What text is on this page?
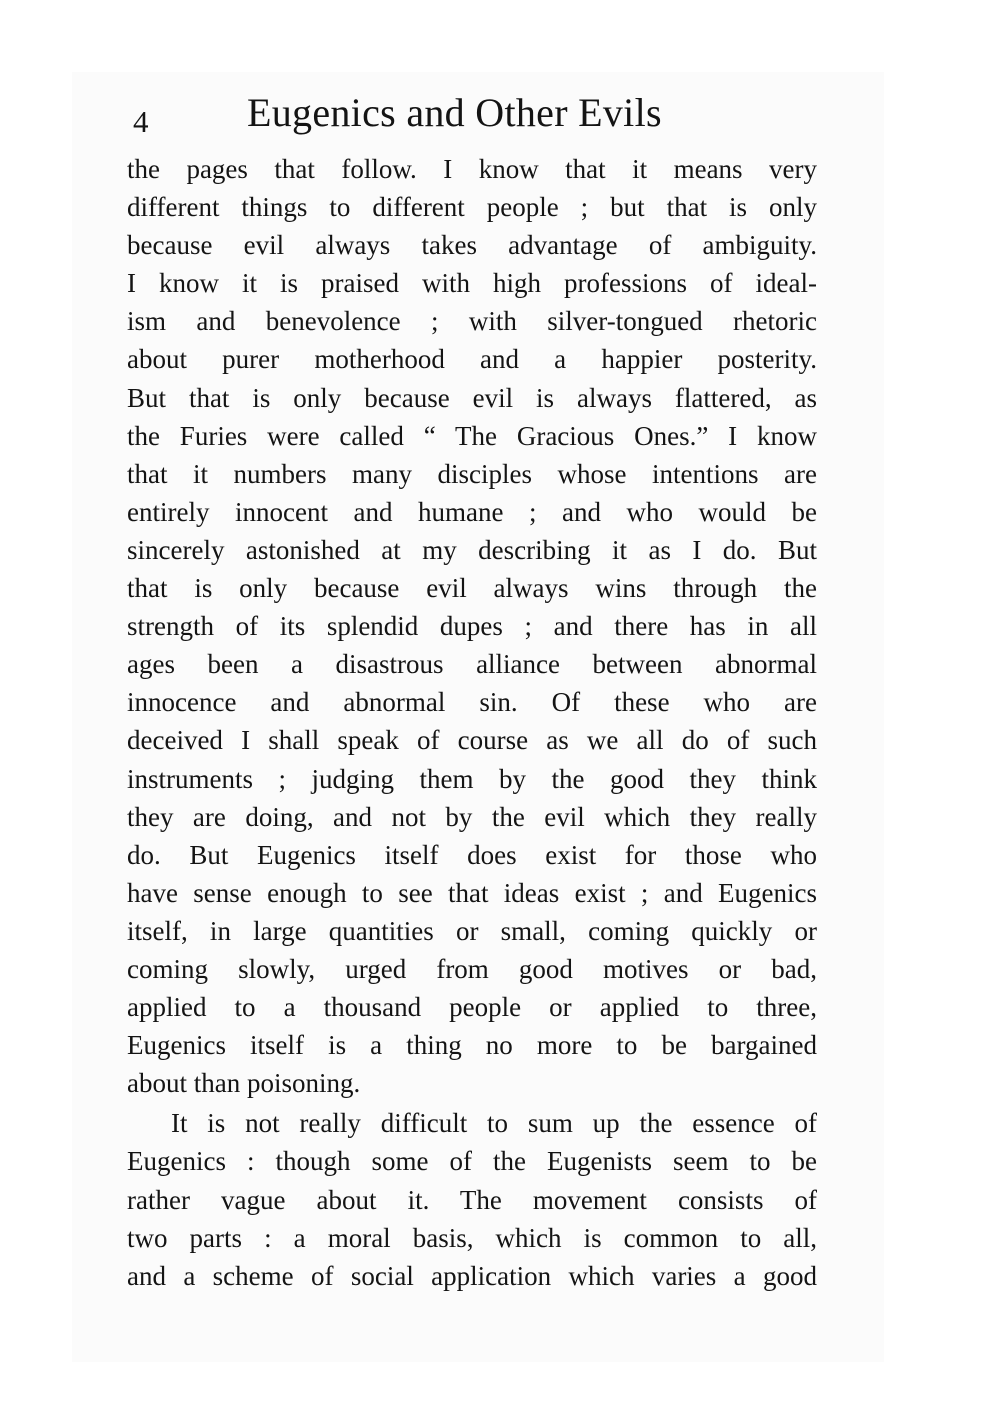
4 Eugenics and Other Evils
the pages that follow. I know that it means very
different things to different people ; but that is only
because evil always takes advantage of ambiguity.
I know it is praised with high professions of ideal-
ism and benevolence ; with silver-tongued rhetoric
about purer motherhood and a happier posterity.
But that is only because evil is always flattered, as
the Furies were called “ The Gracious Ones.” I know
that it numbers many disciples whose intentions are
entirely innocent and humane ; and who would be
sincerely astonished at my describing it as I do. But
that is only because evil always wins through the
strength of its splendid dupes ; and there has in all
ages been a disastrous alliance between abnormal
innocence and abnormal sin. Of these who are
deceived I shall speak of course as we all do of such
instruments ; judging them by the good they think
they are doing, and not by the evil which they really
do. But Eugenics itself does exist for those who
have sense enough to see that ideas exist ; and Eugenics
itself, in large quantities or small, coming quickly or
coming slowly, urged from good motives or bad,
applied to a thousand people or applied to three,
Eugenics itself is a thing no more to be bargained
about than poisoning.
It is not really difficult to sum up the essence of
Eugenics : though some of the Eugenists seem to be
rather vague about it. The movement consists of
two parts : a moral basis, which is common to all,
and a scheme of social application which varies a good
